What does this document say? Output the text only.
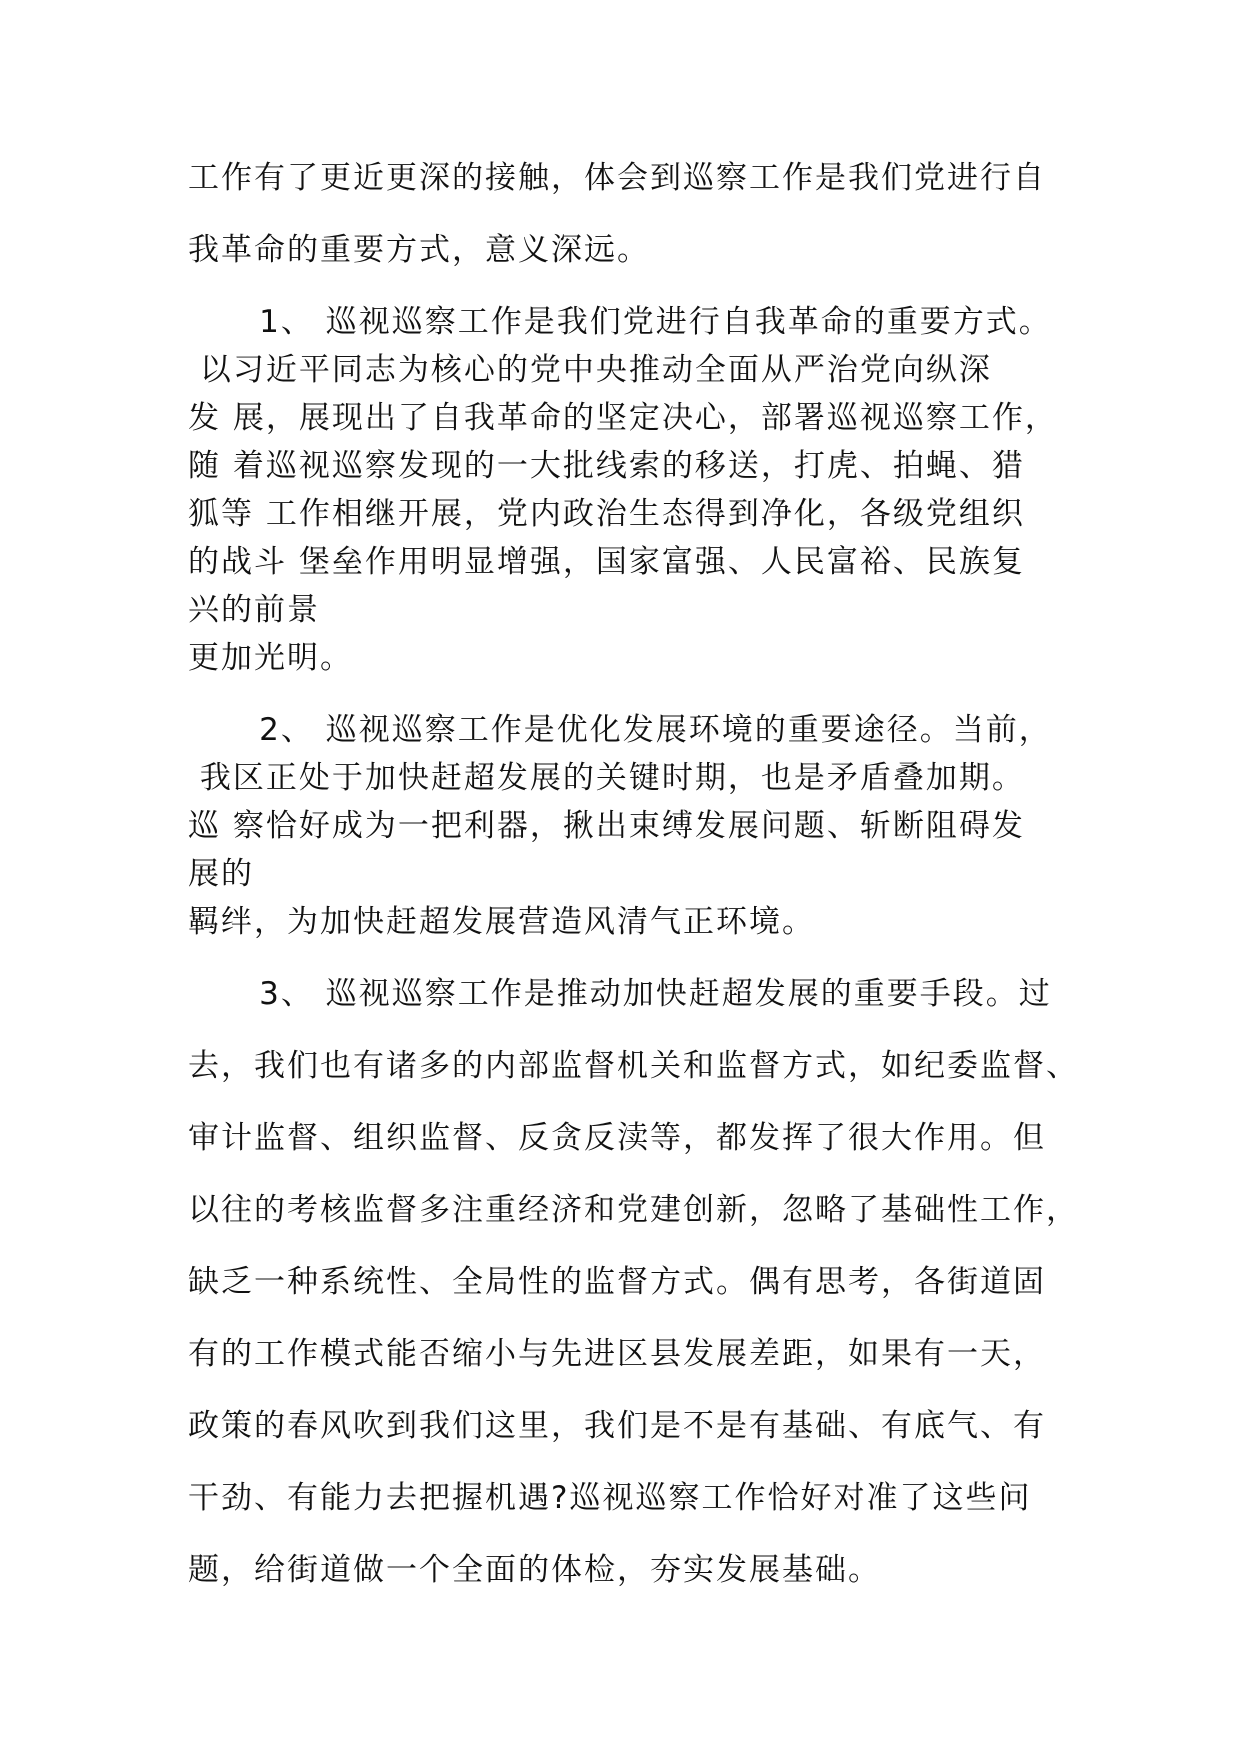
工作有了更近更深的接触，体会到巡察工作是我们党进行自

我革命的重要方式，意义深远。

1、 巡视巡察工作是我们党进行自我革命的重要方式。

以习近平同志为核心的党中央推动全面从严治党向纵深

发 展，展现出了自我革命的坚定决心，部署巡视巡察工作，

随 着巡视巡察发现的一大批线索的移送，打虎、拍蝇、猎

狐等 工作相继开展，党内政治生态得到净化，各级党组织

的战斗 堡垒作用明显增强，国家富强、人民富裕、民族复

兴的前景

更加光明。

2、 巡视巡察工作是优化发展环境的重要途径。当前，

我区正处于加快赶超发展的关键时期，也是矛盾叠加期。

巡 察恰好成为一把利器，揪出束缚发展问题、斩断阻碍发

展的

羁绊，为加快赶超发展营造风清气正环境。

3、 巡视巡察工作是推动加快赶超发展的重要手段。过

去，我们也有诸多的内部监督机关和监督方式，如纪委监督、

审计监督、组织监督、反贪反渎等，都发挥了很大作用。但

以往的考核监督多注重经济和党建创新，忽略了基础性工作，

缺乏一种系统性、全局性的监督方式。偶有思考，各街道固

有的工作模式能否缩小与先进区县发展差距，如果有一天，

政策的春风吹到我们这里，我们是不是有基础、有底气、有

干劲、有能力去把握机遇?巡视巡察工作恰好对准了这些问

题，给街道做一个全面的体检，夯实发展基础。
